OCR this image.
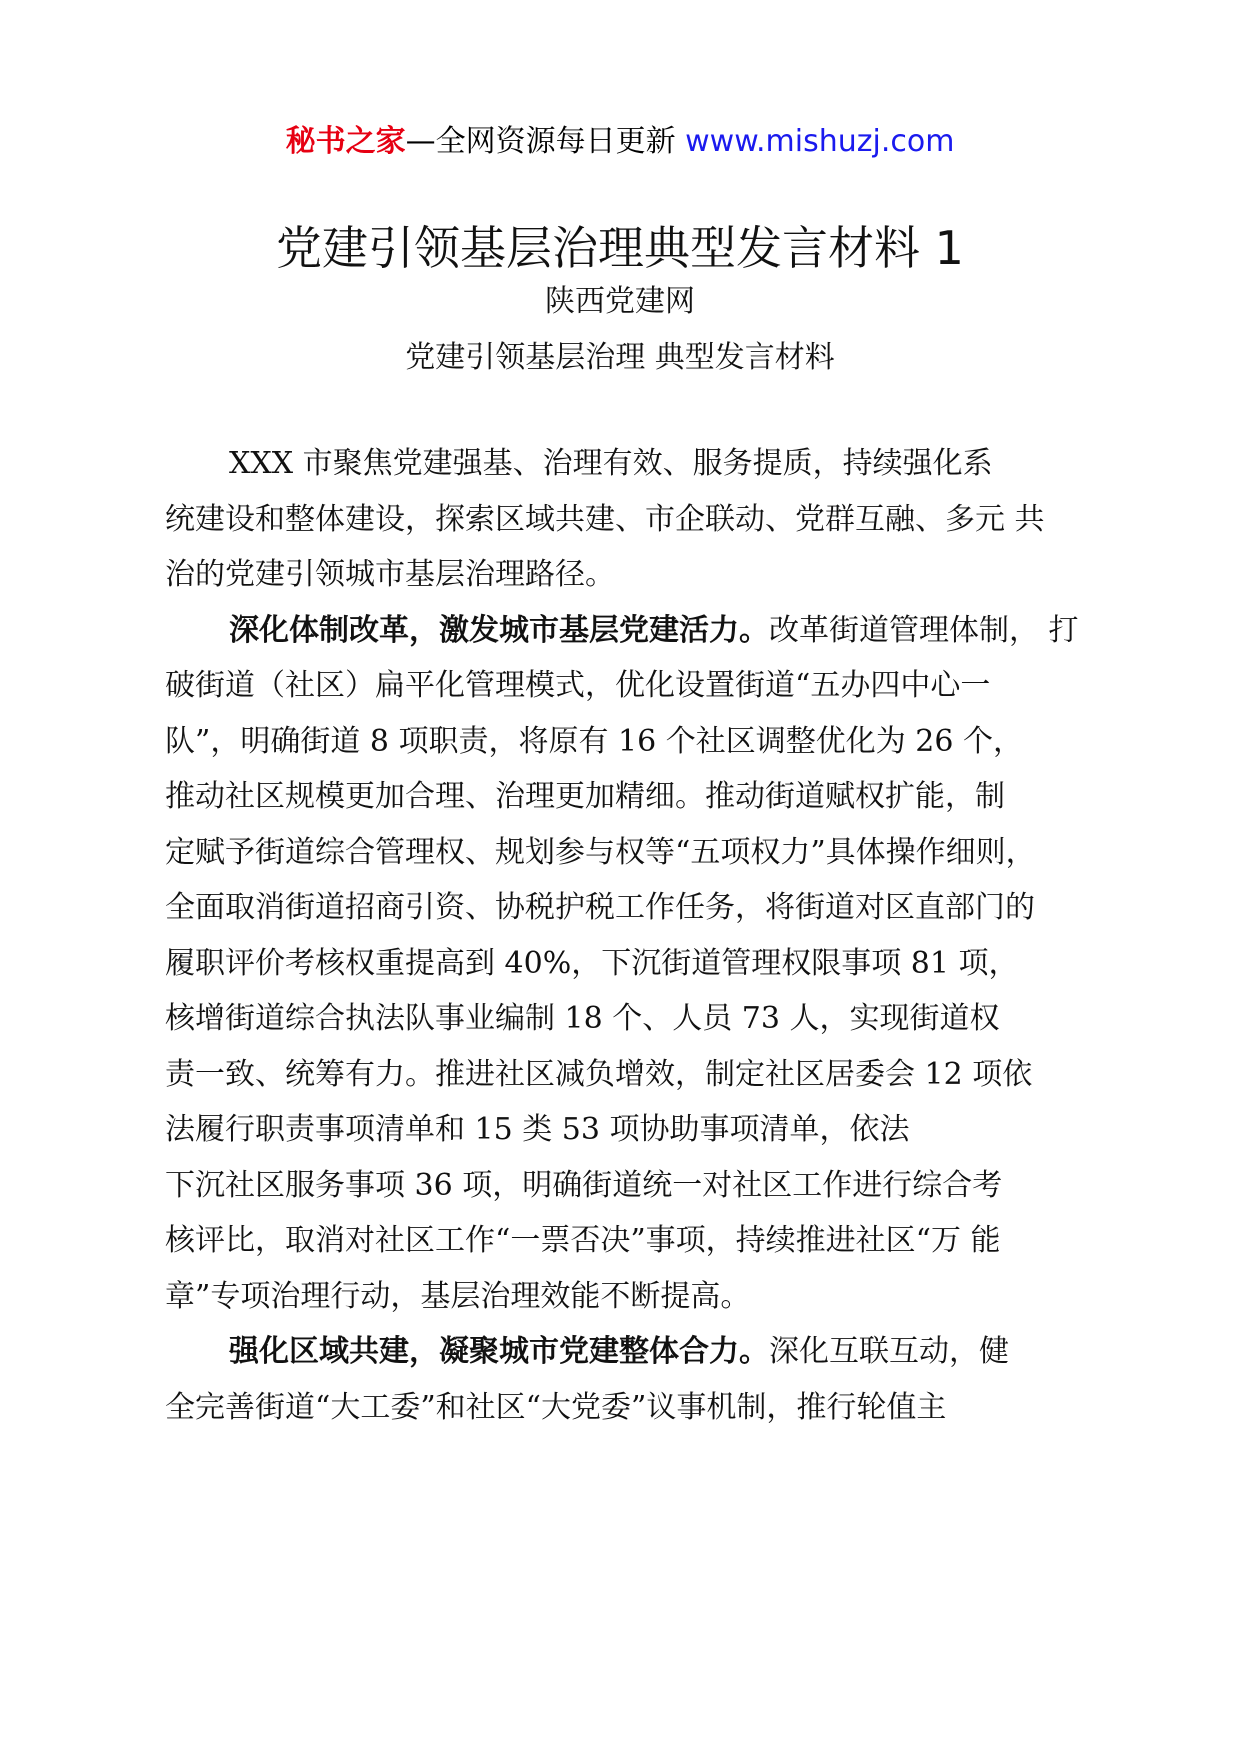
秘书之家—全网资源每日更新 www.mishuzj.com
党建引领基层治理典型发言材料 1
陕西党建网
党建引领基层治理 典型发言材料
XXX 市聚焦党建强基、治理有效、服务提质，持续强化系
统建设和整体建设，探索区域共建、市企联动、党群互融、多元 共
治的党建引领城市基层治理路径。
深化体制改革，激发城市基层党建活力。改革街道管理体制， 打
破街道（社区）扁平化管理模式，优化设置街道“五办四中心一
队”，明确街道 8 项职责，将原有 16 个社区调整优化为 26 个，
推动社区规模更加合理、治理更加精细。推动街道赋权扩能，制
定赋予街道综合管理权、规划参与权等“五项权力”具体操作细则，
全面取消街道招商引资、协税护税工作任务，将街道对区直部门的
履职评价考核权重提高到 40%，下沉街道管理权限事项 81 项，
核增街道综合执法队事业编制 18 个、人员 73 人，实现街道权
责一致、统筹有力。推进社区减负增效，制定社区居委会 12 项依
法履行职责事项清单和 15 类 53 项协助事项清单，依法
下沉社区服务事项 36 项，明确街道统一对社区工作进行综合考
核评比，取消对社区工作“一票否决”事项，持续推进社区“万 能
章”专项治理行动，基层治理效能不断提高。
强化区域共建，凝聚城市党建整体合力。深化互联互动，健
全完善街道“大工委”和社区“大党委”议事机制，推行轮值主
